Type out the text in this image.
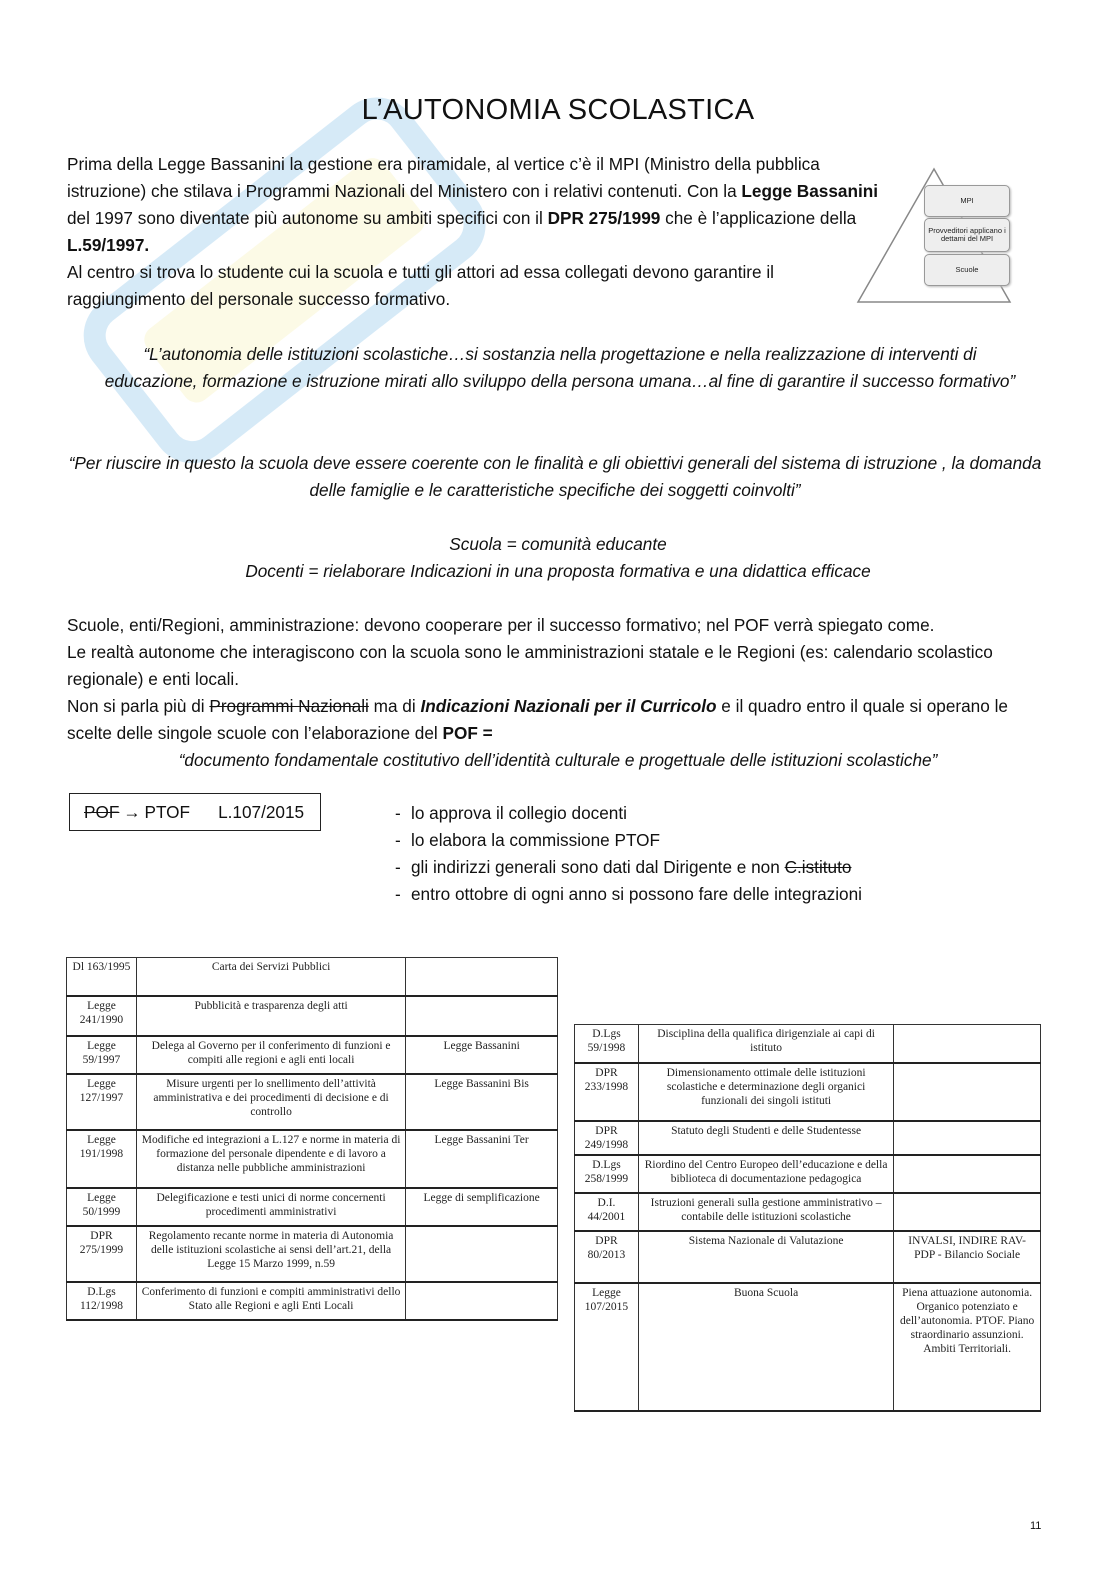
L’AUTONOMIA SCOLASTICA
Prima della Legge Bassanini la gestione era piramidale, al vertice c’è il MPI (Ministro della pubblica istruzione) che stilava i Programmi Nazionali del Ministero con i relativi contenuti. Con la Legge Bassanini del 1997 sono diventate più autonome su ambiti specifici con il DPR 275/1999 che è l’applicazione della L.59/1997.
Al centro si trova lo studente cui la scuola e tutti gli attori ad essa collegati devono garantire il raggiungimento del personale successo formativo.
MPI
Provveditori applicano i dettami del MPI
Scuole
“L’autonomia delle istituzioni scolastiche…si sostanzia nella progettazione e nella realizzazione di interventi di educazione, formazione e istruzione mirati allo sviluppo della persona umana…al fine di garantire il successo formativo”
“Per riuscire in questo la scuola deve essere coerente con le finalità e gli obiettivi generali del sistema di istruzione , la domanda delle famiglie e le caratteristiche specifiche dei soggetti coinvolti”
Scuola = comunità educante
Docenti = rielaborare Indicazioni in una proposta formativa e una didattica efficace
Scuole, enti/Regioni, amministrazione: devono cooperare per il successo formativo; nel POF verrà spiegato come.
Le realtà autonome che interagiscono con la scuola sono le amministrazioni statale e le Regioni (es: calendario scolastico regionale) e enti locali.
Non si parla più di Programmi Nazionali ma di Indicazioni Nazionali per il Curricolo e il quadro entro il quale si operano le scelte delle singole scuole con l’elaborazione del POF =
“documento fondamentale costitutivo dell’identità culturale e progettuale delle istituzioni scolastiche”
POF → PTOF L.107/2015	- lo approva il collegio docenti
- lo elabora la commissione PTOF
- gli indirizzi generali sono dati dal Dirigente e non C.istituto
- entro ottobre di ogni anno si possono fare delle integrazioni
Dl 163/1995	Carta dei Servizi Pubblici	
Legge 241/1990	Pubblicità e trasparenza degli atti	
Legge 59/1997	Delega al Governo per il conferimento di funzioni e compiti alle regioni e agli enti locali	Legge Bassanini
Legge 127/1997	Misure urgenti per lo snellimento dell’attività amministrativa e dei procedimenti di decisione e di controllo	Legge Bassanini Bis
Legge 191/1998	Modifiche ed integrazioni a L.127 e norme in materia di formazione del personale dipendente e di lavoro a distanza nelle pubbliche amministrazioni	Legge Bassanini Ter
Legge 50/1999	Delegificazione e testi unici di norme concernenti procedimenti amministrativi	Legge di semplificazione
DPR 275/1999	Regolamento recante norme in materia di Autonomia delle istituzioni scolastiche ai sensi dell’art.21, della Legge 15 Marzo 1999, n.59	
D.Lgs 112/1998	Conferimento di funzioni e compiti amministrativi dello Stato alle Regioni e agli Enti Locali	
D.Lgs 59/1998	Disciplina della qualifica dirigenziale ai capi di istituto	
DPR 233/1998	Dimensionamento ottimale delle istituzioni scolastiche e determinazione degli organici funzionali dei singoli istituti	
DPR 249/1998	Statuto degli Studenti e delle Studentesse	
D.Lgs 258/1999	Riordino del Centro Europeo dell’educazione e della biblioteca di documentazione pedagogica	
D.I. 44/2001	Istruzioni generali sulla gestione amministrativo – contabile delle istituzioni scolastiche	
DPR 80/2013	Sistema Nazionale di Valutazione	INVALSI, INDIRE RAV-PDP - Bilancio Sociale
Legge 107/2015	Buona Scuola	Piena attuazione autonomia. Organico potenziato e dell’autonomia. PTOF. Piano straordinario assunzioni. Ambiti Territoriali.
11
